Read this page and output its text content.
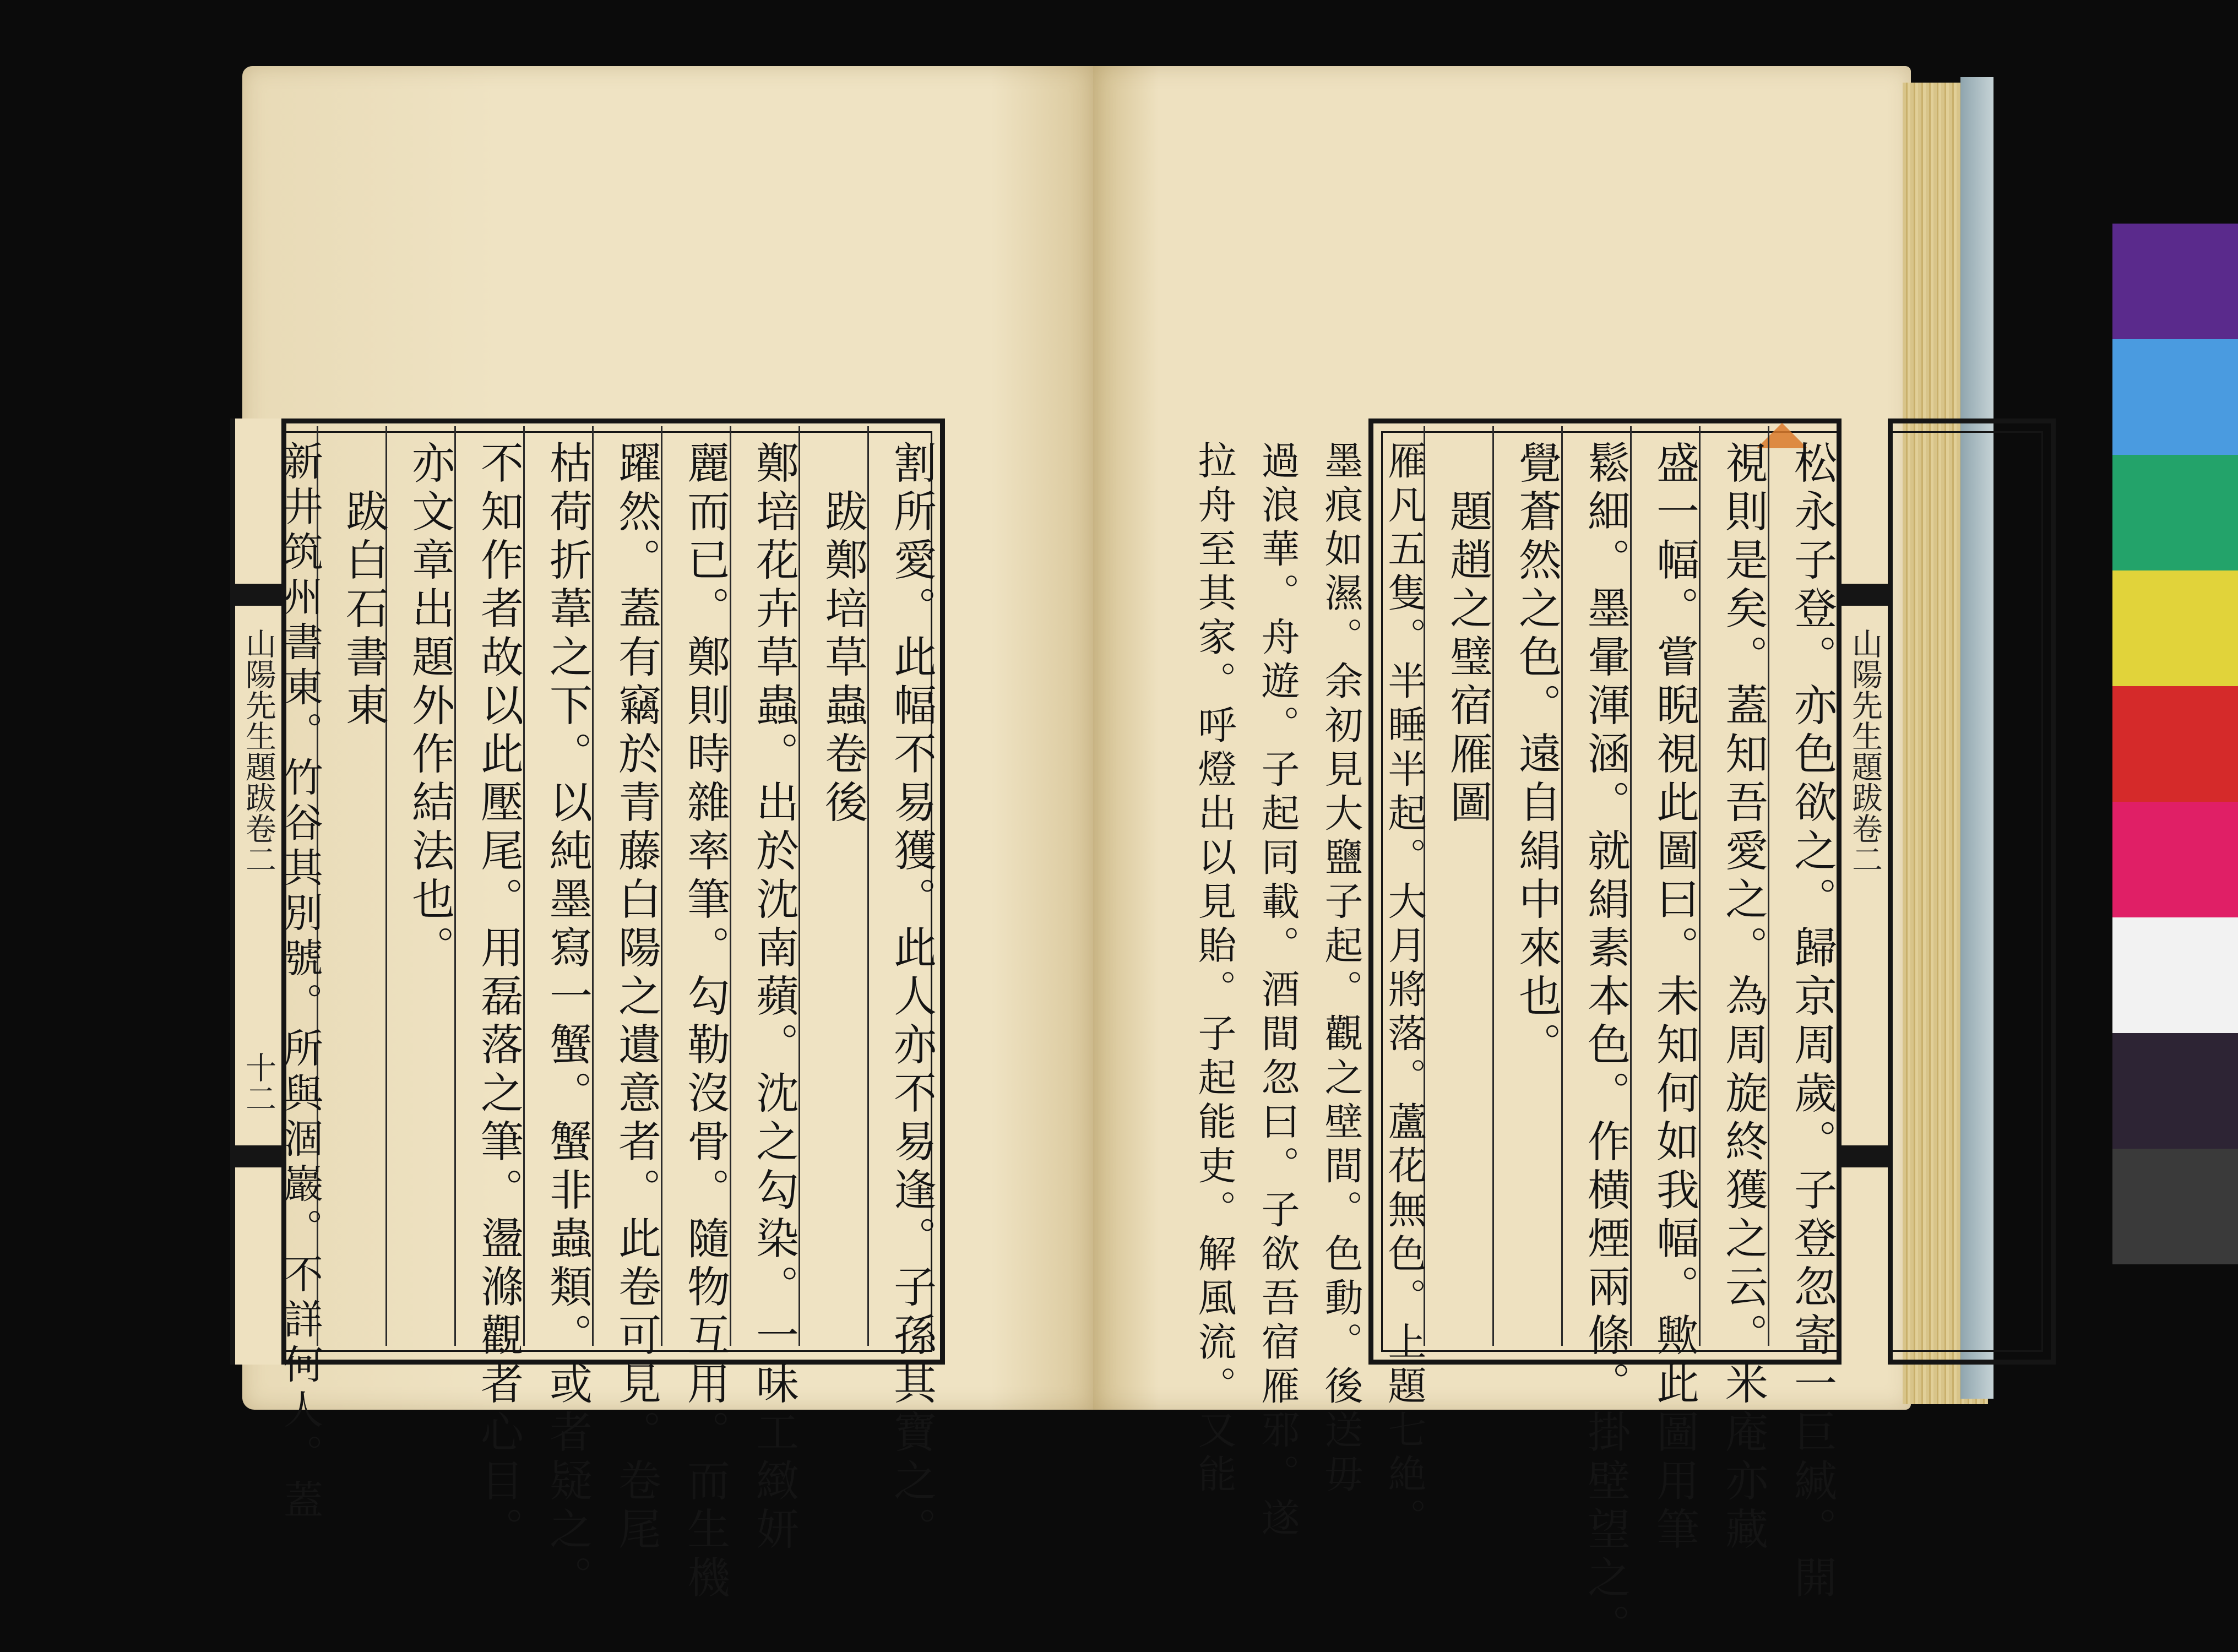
山陽先生題跋卷二
十二
山陽先生題跋卷二
松永子登。亦色欲之。歸京周歲。子登忽寄一巨緘。開
視則是矣。蓋知吾愛之。為周旋終獲之云。米庵亦藏
盛一幅。嘗睨視此圖曰。未知何如我幅。歟此圖用筆
鬆細。墨暈渾涵。就絹素本色。作横煙兩條。掛壁望之。
覺蒼然之色。遠自絹中來也。
　題趙之璧宿雁圖
雁凡五隻。半睡半起。大月將落。蘆花無色。上題七絶。
墨痕如濕。余初見大鹽子起。觀之壁間。色動。後送毋
過浪華。舟遊。子起同載。酒間忽曰。子欲吾宿雁邪。遂
拉舟至其家。呼燈出以見貽。子起能吏。解風流。又能
割所愛。此幅不易獲。此人亦不易逢。子孫其寶之。
　跋鄭培草蟲卷後
鄭培花卉草蟲。出於沈南蘋。沈之勾染。一味工緻妍
麗而已。鄭則時雜率筆。勾勒沒骨。隨物互用。而生機
躍然。蓋有竊於青藤白陽之遺意者。此卷可見。卷尾
枯荷折葦之下。以純墨寫一蟹。蟹非蟲類。或者疑之。
不知作者故以此壓尾。用磊落之筆。盪滌觀者心目。
亦文章出題外作結法也。
　跋白石書東
新井筑州書東。竹谷其別號。所與涸巖。不詳何人。蓋
